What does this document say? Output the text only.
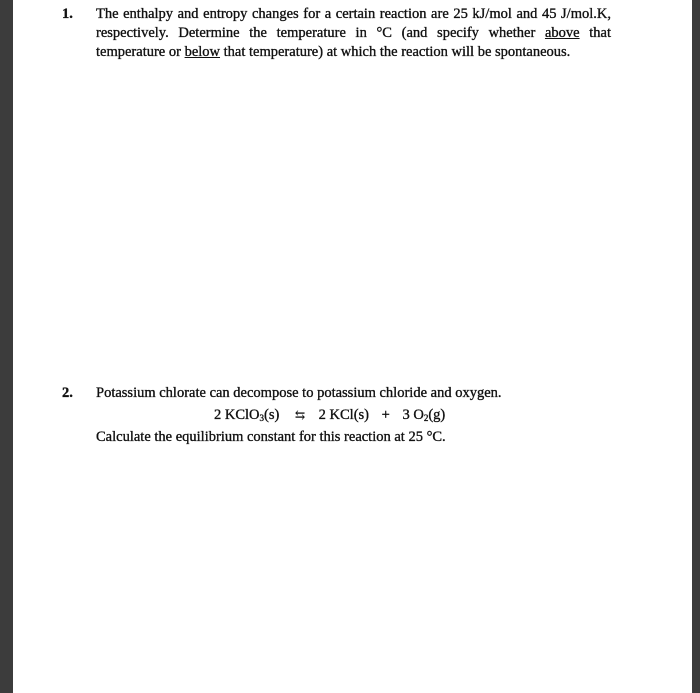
1. The enthalpy and entropy changes for a certain reaction are 25 kJ/mol and 45 J/mol.K, respectively. Determine the temperature in °C (and specify whether above that temperature or below that temperature) at which the reaction will be spontaneous.
2. Potassium chlorate can decompose to potassium chloride and oxygen.
2 KClO$_3$(s) ⇆ 2 KCl(s) + 3 $O_2(g)$
Calculate the equilibrium constant for this reaction at 25 °C.
